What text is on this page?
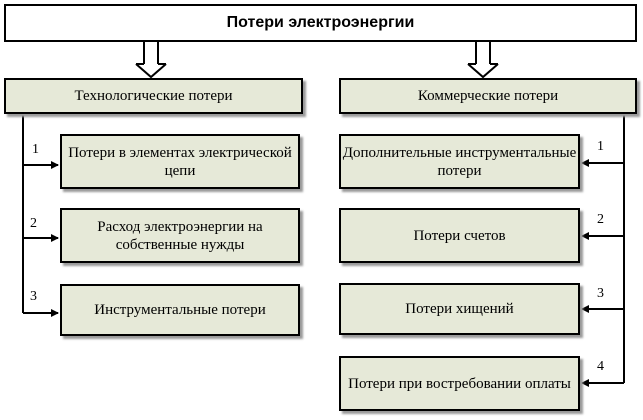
Потери электроэнергии
Технологические потери
Потери в элементах электрической цепи
Расход электроэнергии на собственные нужды
Инструментальные потери
1
2
3
Коммерческие потери
Дополнительные инструментальные потери
Потери счетов
Потери хищений
Потери при востребовании оплаты
1
2
3
4
